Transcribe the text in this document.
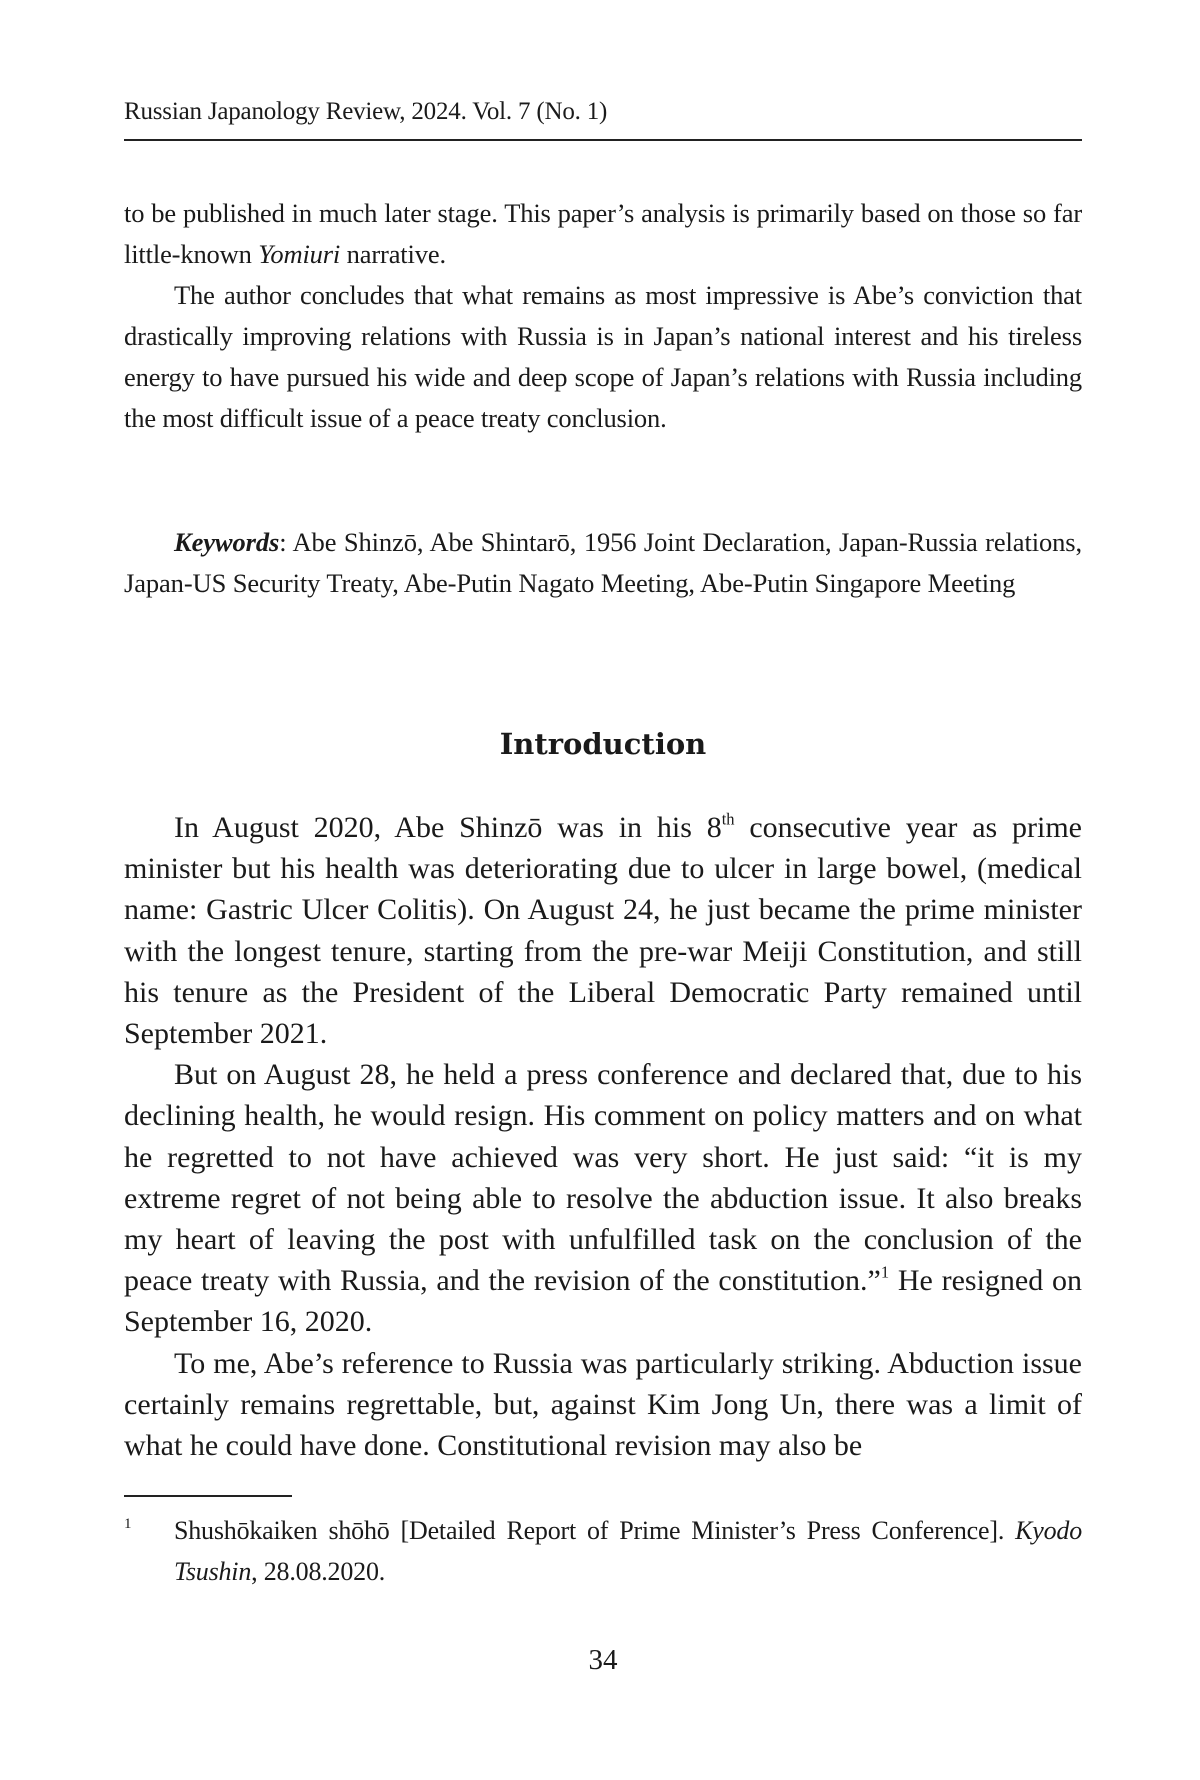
Russian Japanology Review, 2024. Vol. 7 (No. 1)

to be published in much later stage. This paper’s analysis is primarily based on those so far little-known Yomiuri narrative.

The author concludes that what remains as most impressive is Abe’s conviction that drastically improving relations with Russia is in Japan’s national interest and his tireless energy to have pursued his wide and deep scope of Japan’s relations with Russia including the most difficult issue of a peace treaty conclusion.

Keywords: Abe Shinzō, Abe Shintarō, 1956 Joint Declaration, Japan-Russia relations, Japan-US Security Treaty, Abe-Putin Nagato Meeting, Abe-Putin Singapore Meeting

Introduction

In August 2020, Abe Shinzō was in his 8th consecutive year as prime minister but his health was deteriorating due to ulcer in large bowel, (medical name: Gastric Ulcer Colitis). On August 24, he just became the prime minister with the longest tenure, starting from the pre-war Meiji Constitution, and still his tenure as the President of the Liberal Democratic Party remained until September 2021.

But on August 28, he held a press conference and declared that, due to his declining health, he would resign. His comment on policy matters and on what he regretted to not have achieved was very short. He just said: “it is my extreme regret of not being able to resolve the abduction issue. It also breaks my heart of leaving the post with unfulfilled task on the conclusion of the peace treaty with Russia, and the revision of the constitution.”$^1$ He resigned on September 16, 2020.

To me, Abe’s reference to Russia was particularly striking. Abduction issue certainly remains regrettable, but, against Kim Jong Un, there was a limit of what he could have done. Constitutional revision may also be

1 Shushōkaiken shōhō [Detailed Report of Prime Minister’s Press Conference]. Kyodo Tsushin, 28.08.2020.
34
